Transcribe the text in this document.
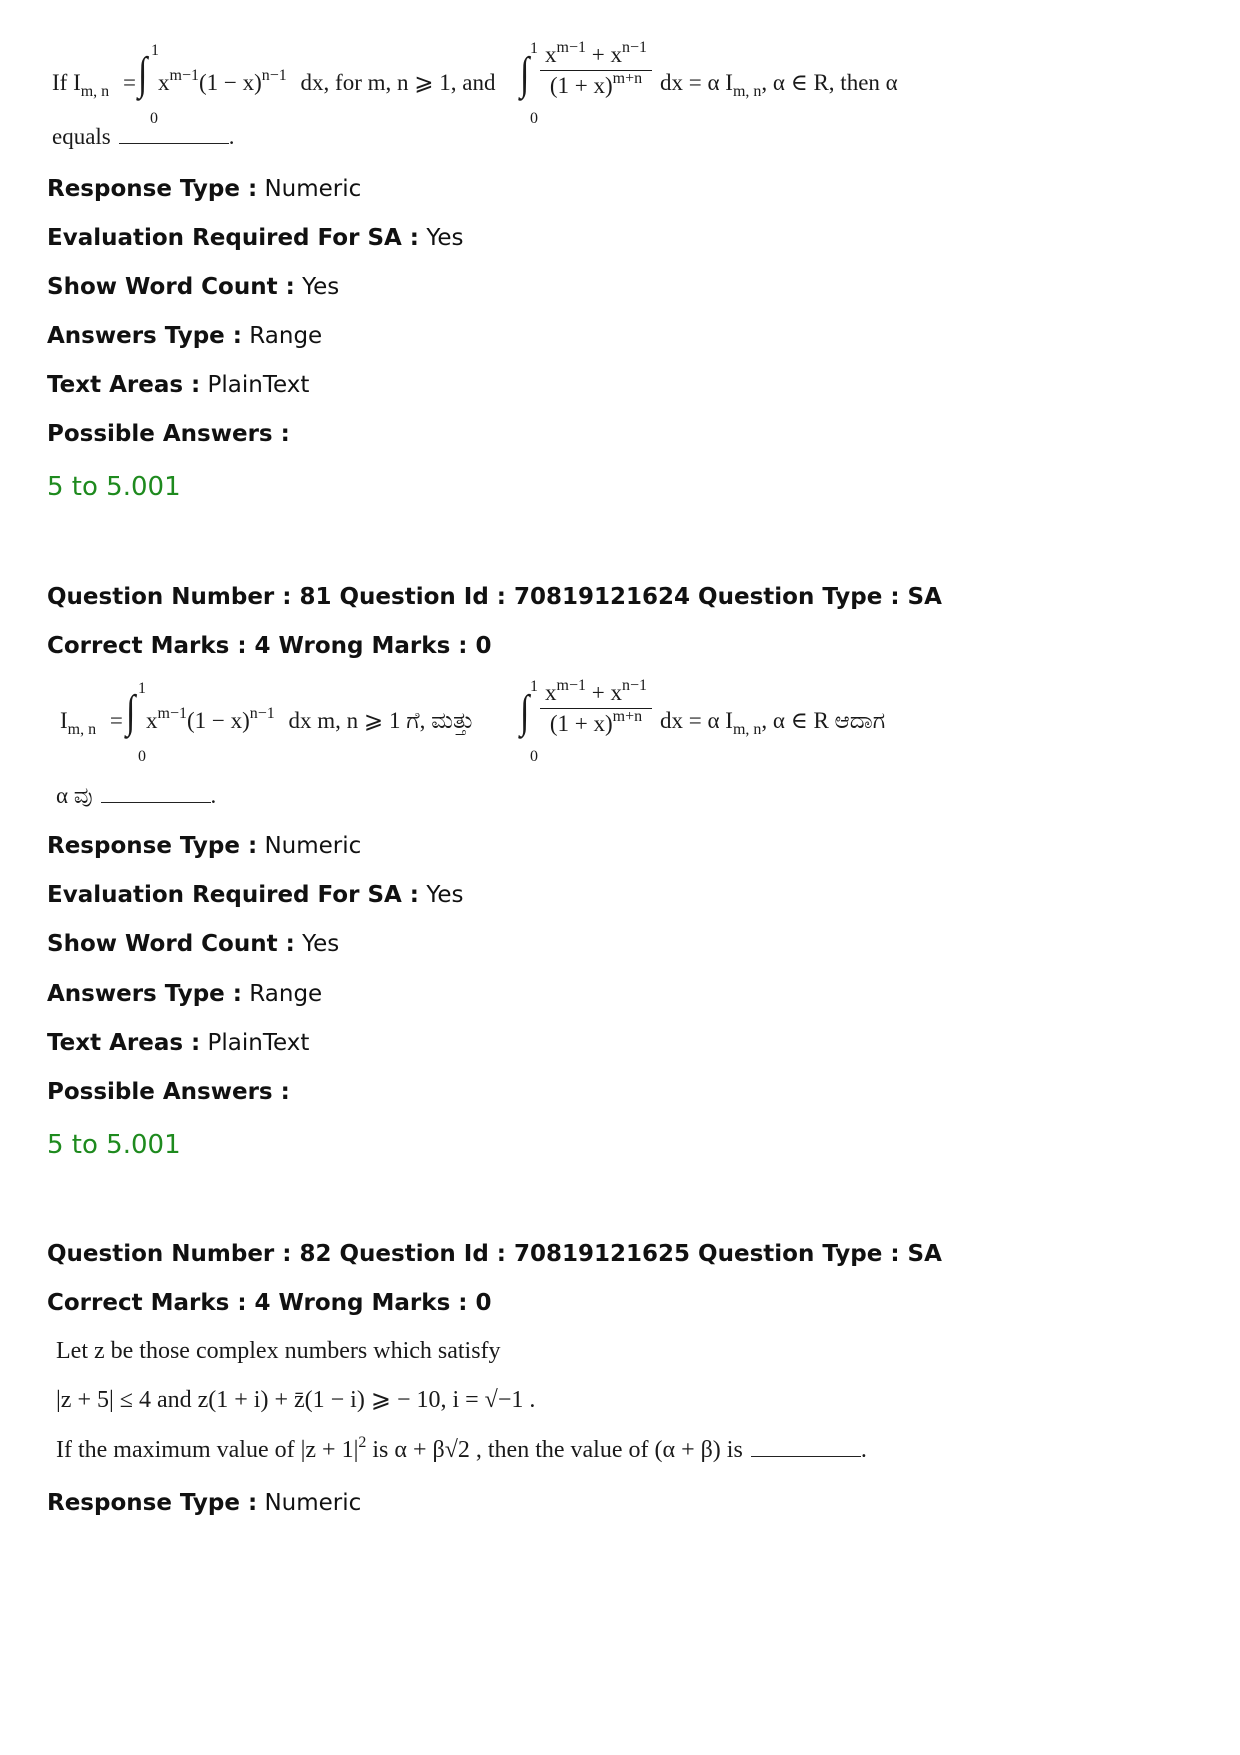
If $I_{m, n}$ =
1
∫
0
$x^{m-1}(1 - x)^{n-1}$ dx, for m, n ⩾ 1, and
1
∫
0
$x^{m-1} + x^{n-1}$
$(1 + x)^{m+n}$ dx = α $I_{m, n}$, α ∈ R, then α
equals	.
Response Type : Numeric
Evaluation Required For SA : Yes
Show Word Count : Yes
Answers Type : Range
Text Areas : PlainText
Possible Answers :
5 to 5.001
Question Number : 81 Question Id : 70819121624 Question Type : SA
Correct Marks : 4 Wrong Marks : 0
$I_{m, n}$ =
1
∫
0
$x^{m-1}(1 - x)^{n-1}$ dx m, n ⩾ 1 ಗೆ, ಮತ್ತು
1
∫
0
$x^{m-1} + x^{n-1}$
$(1 + x)^{m+n}$ dx = α $I_{m, n}$, α ∈ R ಆದಾಗ
α ವು	.
Response Type : Numeric
Evaluation Required For SA : Yes
Show Word Count : Yes
Answers Type : Range
Text Areas : PlainText
Possible Answers :
5 to 5.001
Question Number : 82 Question Id : 70819121625 Question Type : SA
Correct Marks : 4 Wrong Marks : 0
Let z be those complex numbers which satisfy
|z + 5| ≤ 4 and z(1 + i) + z̄(1 − i) ⩾ − 10, i = √−1 .
If the maximum value of $|z + 1|^2$ is α + β√2 , then the value of (α + β) is	.
Response Type : Numeric
